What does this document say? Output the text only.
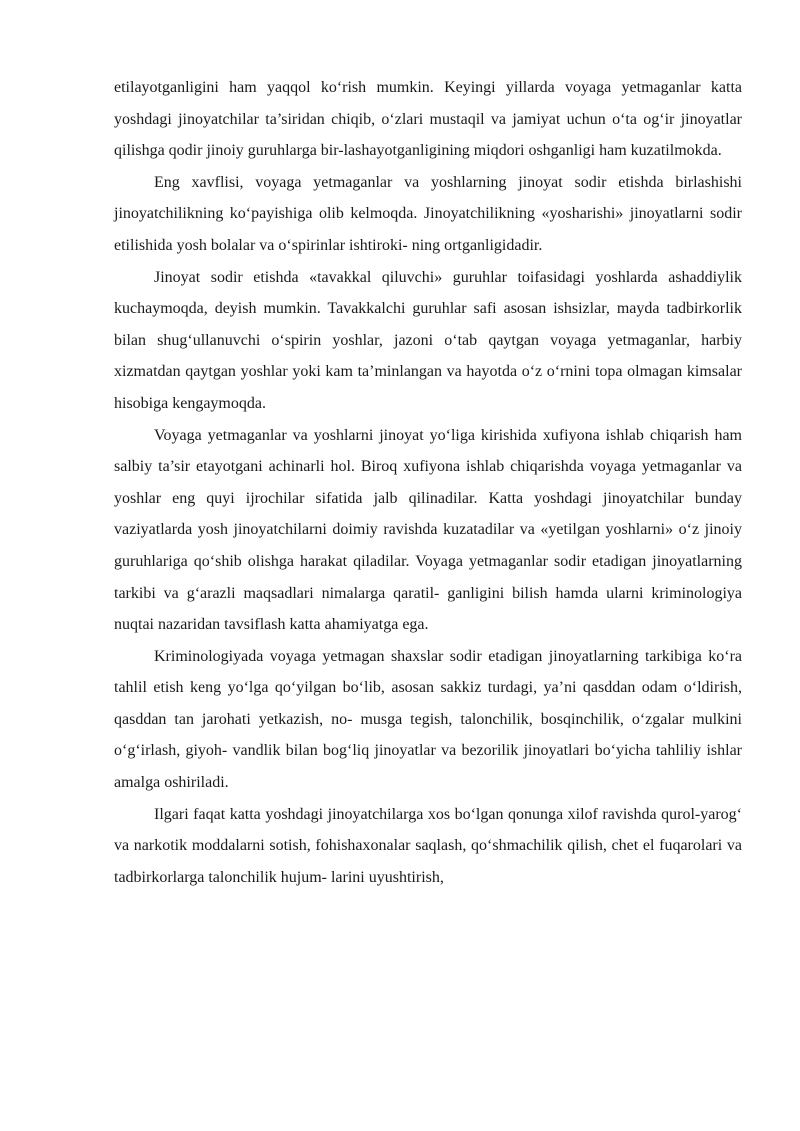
etilayotganligini ham yaqqol ko‘rish mumkin. Keyingi yillarda voyaga yetmaganlar katta yoshdagi jinoyatchilar ta’siridan chiqib, o‘zlari mustaqil va jamiyat uchun o‘ta og‘ir jinoyatlar qilishga qodir jinoiy guruhlarga bir-lashayotganligining miqdori oshganligi ham kuzatilmokda.

Eng xavflisi, voyaga yetmaganlar va yoshlarning jinoyat sodir etishda birlashishi jinoyatchilikning ko‘payishiga olib kelmoqda. Jinoyatchilikning «yosharishi» jinoyatlarni sodir etilishida yosh bolalar va o‘spirinlar ishtiroki- ning ortganligidadir.

Jinoyat sodir etishda «tavakkal qiluvchi» guruhlar toifasidagi yoshlarda ashaddiylik kuchaymoqda, deyish mumkin. Tavakkalchi guruhlar safi asosan ishsizlar, mayda tadbirkorlik bilan shug‘ullanuvchi o‘spirin yoshlar, jazoni o‘tab qaytgan voyaga yetmaganlar, harbiy xizmatdan qaytgan yoshlar yoki kam ta’minlangan va hayotda o‘z o‘rnini topa olmagan kimsalar hisobiga kengaymoqda.

Voyaga yetmaganlar va yoshlarni jinoyat yo‘liga kirishida xufiyona ishlab chiqarish ham salbiy ta’sir etayotgani achinarli hol. Biroq xufiyona ishlab chiqarishda voyaga yetmaganlar va yoshlar eng quyi ijrochilar sifatida jalb qilinadilar. Katta yoshdagi jinoyatchilar bunday vaziyatlarda yosh jinoyatchilarni doimiy ravishda kuzatadilar va «yetilgan yoshlarni» o‘z jinoiy guruhlariga qo‘shib olishga harakat qiladilar. Voyaga yetmaganlar sodir etadigan jinoyatlarning tarkibi va g‘arazli maqsadlari nimalarga qaratil- ganligini bilish hamda ularni kriminologiya nuqtai nazaridan tavsiflash katta ahamiyatga ega.

Kriminologiyada voyaga yetmagan shaxslar sodir etadigan jinoyatlarning tarkibiga ko‘ra tahlil etish keng yo‘lga qo‘yilgan bo‘lib, asosan sakkiz turdagi, ya’ni qasddan odam o‘ldirish, qasddan tan jarohati yetkazish, no- musga tegish, talonchilik, bosqinchilik, o‘zgalar mulkini o‘g‘irlash, giyoh- vandlik bilan bog‘liq jinoyatlar va bezorilik jinoyatlari bo‘yicha tahliliy ishlar amalga oshiriladi.

Ilgari faqat katta yoshdagi jinoyatchilarga xos bo‘lgan qonunga xilof ravishda qurol-yarog‘ va narkotik moddalarni sotish, fohishaxonalar saqlash, qo‘shmachilik qilish, chet el fuqarolari va tadbirkorlarga talonchilik hujum- larini uyushtirish,
